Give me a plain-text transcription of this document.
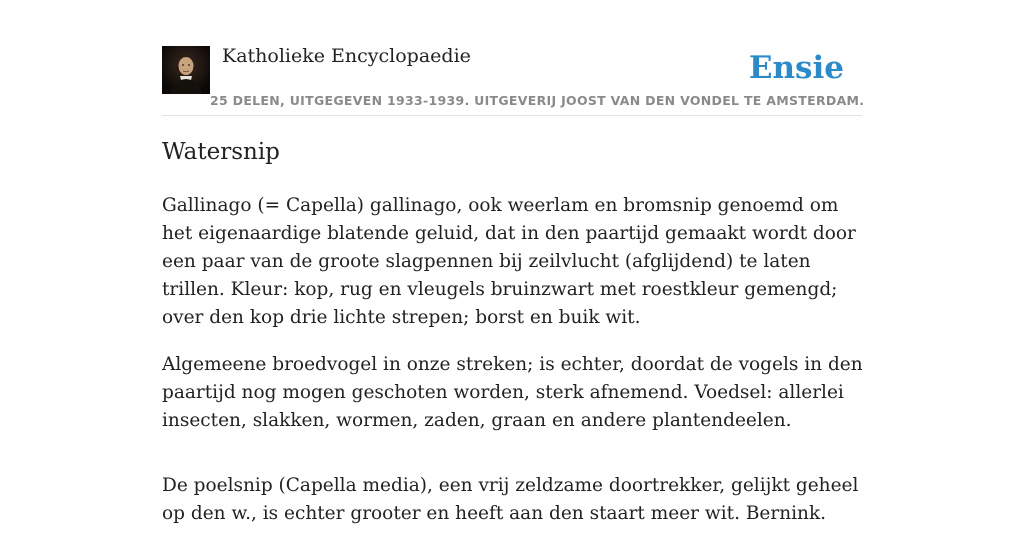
Katholieke Encyclopaedie
25 DELEN, UITGEGEVEN 1933-1939. UITGEVERIJ JOOST VAN DEN VONDEL TE AMSTERDAM.
Ensie
Watersnip

Gallinago (= Capella) gallinago, ook weerlam en bromsnip genoemd om het eigenaardige blatende geluid, dat in den paartijd gemaakt wordt door een paar van de groote slagpennen bij zeilvlucht (afglijdend) te laten trillen. Kleur: kop, rug en vleugels bruinzwart met roestkleur gemengd; over den kop drie lichte strepen; borst en buik wit.

Algemeene broedvogel in onze streken; is echter, doordat de vogels in den paartijd nog mogen geschoten worden, sterk afnemend. Voedsel: allerlei insecten, slakken, wormen, zaden, graan en andere plantendeelen.

De poelsnip (Capella media), een vrij zeldzame doortrekker, gelijkt geheel op den w., is echter grooter en heeft aan den staart meer wit. Bernink.
